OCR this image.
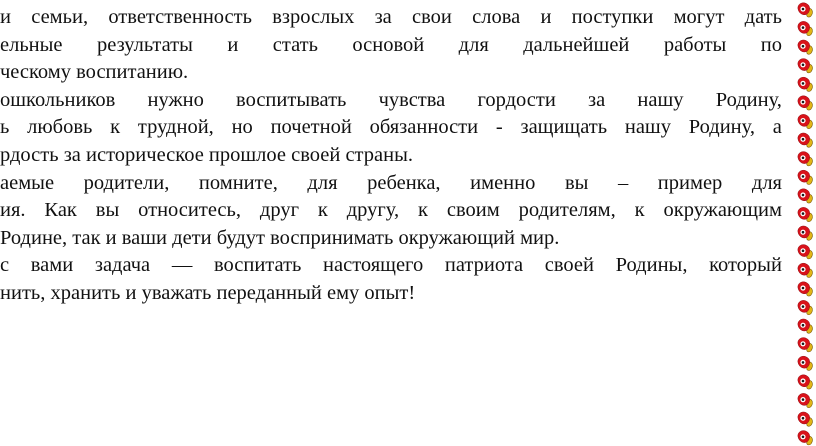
и семьи, ответственность взрослых за свои слова и поступки могут дать
ельные результаты и стать основой для дальнейшей работы по
ческому воспитанию.
ошкольников нужно воспитывать чувства гордости за нашу Родину,
ь любовь к трудной, но почетной обязанности - защищать нашу Родину, а
рдость за историческое прошлое своей страны.
аемые родители, помните, для ребенка, именно вы – пример для
ия. Как вы относитесь, друг к другу, к своим родителям, к окружающим
Родине, так и ваши дети будут воспринимать окружающий мир.
с вами задача — воспитать настоящего патриота своей Родины, который
нить, хранить и уважать переданный ему опыт!
